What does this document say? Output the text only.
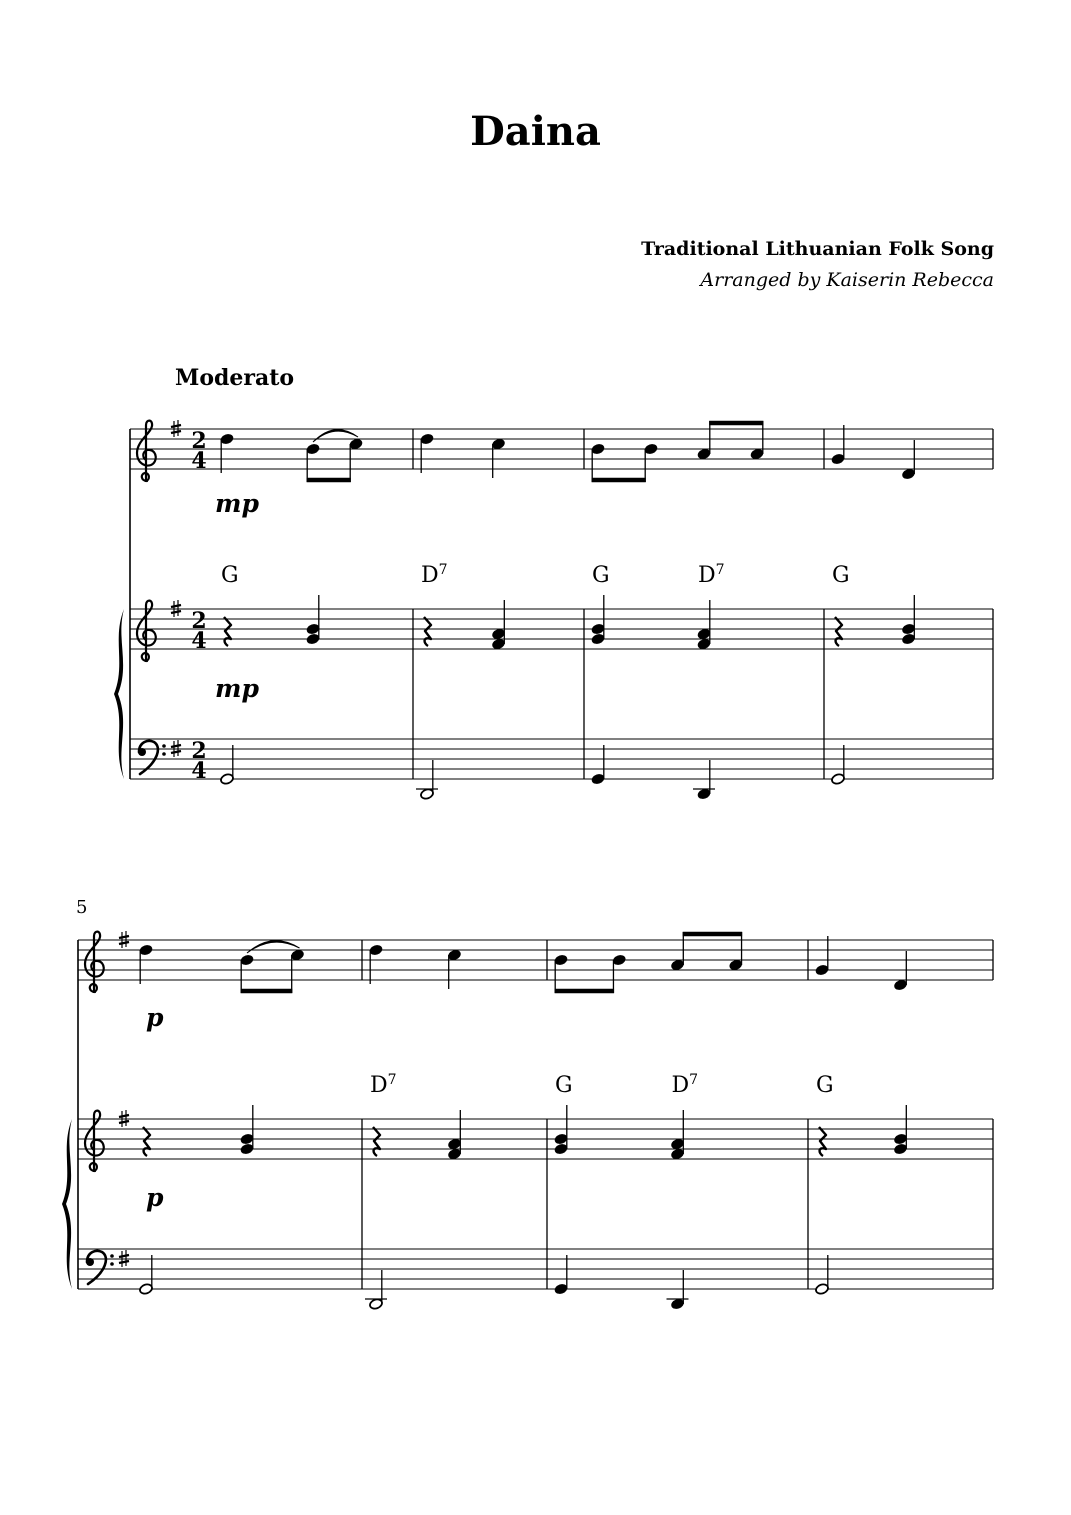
Daina
Traditional Lithuanian Folk Song
Arranged by Kaiserin Rebecca
Moderato
2
4
2
4
2
4
G	$D^7$	G	$D^7$	G
mp
mp
5
$D^7$	G	$D^7$	G
p
p
